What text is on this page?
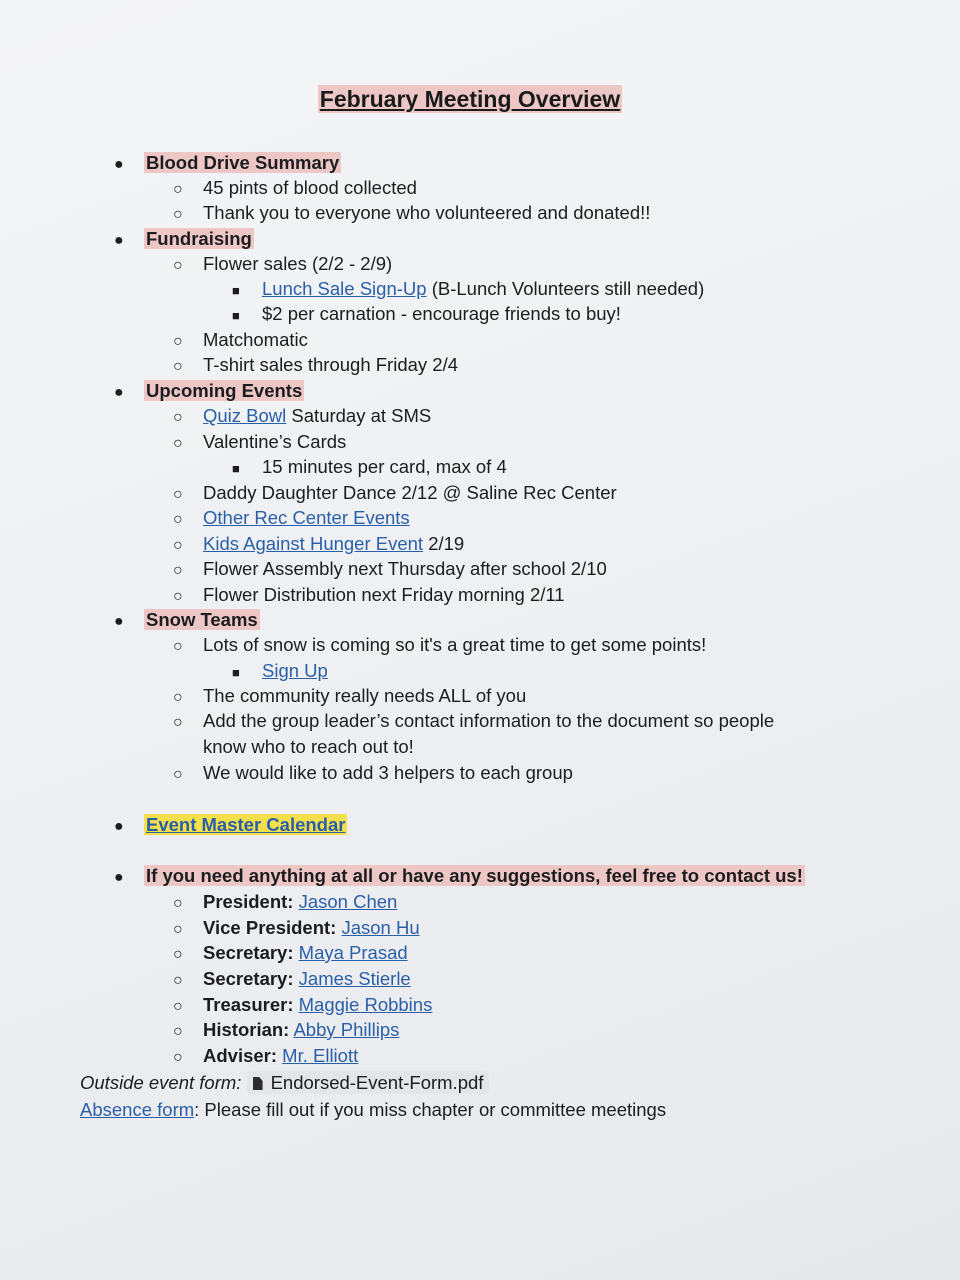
February Meeting Overview
● Blood Drive Summary
○ 45 pints of blood collected
○ Thank you to everyone who volunteered and donated!!
● Fundraising
○ Flower sales (2/2 - 2/9)
■ Lunch Sale Sign-Up (B-Lunch Volunteers still needed)
■ $2 per carnation - encourage friends to buy!
○ Matchomatic
○ T-shirt sales through Friday 2/4
● Upcoming Events
○ Quiz Bowl Saturday at SMS
○ Valentine’s Cards
■ 15 minutes per card, max of 4
○ Daddy Daughter Dance 2/12 @ Saline Rec Center
○ Other Rec Center Events
○ Kids Against Hunger Event 2/19
○ Flower Assembly next Thursday after school 2/10
○ Flower Distribution next Friday morning 2/11
● Snow Teams
○ Lots of snow is coming so it's a great time to get some points!
■ Sign Up
○ The community really needs ALL of you
○ Add the group leader’s contact information to the document so people
know who to reach out to!
○ We would like to add 3 helpers to each group
● Event Master Calendar
● If you need anything at all or have any suggestions, feel free to contact us!
○ President: Jason Chen
○ Vice President: Jason Hu
○ Secretary: Maya Prasad
○ Secretary: James Stierle
○ Treasurer: Maggie Robbins
○ Historian: Abby Phillips
○ Adviser: Mr. Elliott
Outside event form: Endorsed-Event-Form.pdf
Absence form: Please fill out if you miss chapter or committee meetings
